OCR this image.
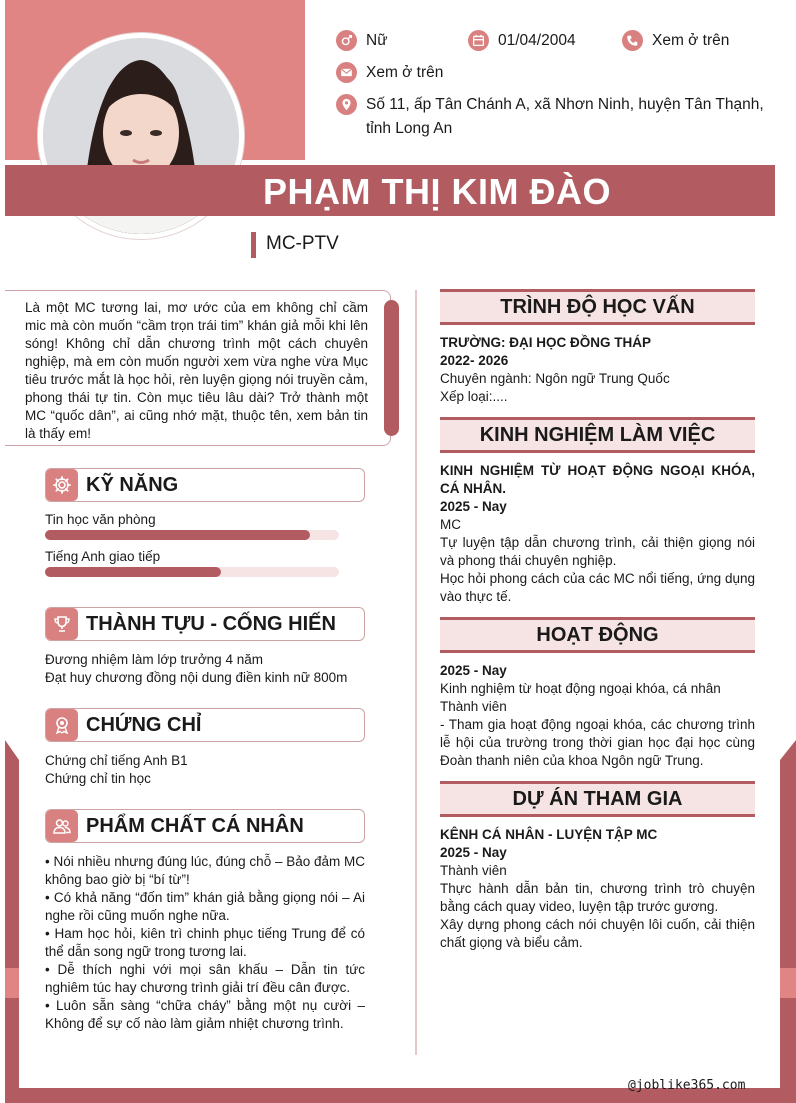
Nữ	01/04/2004	Xem ở trên
Xem ở trên
Số 11, ấp Tân Chánh A, xã Nhơn Ninh, huyện Tân Thạnh,
tỉnh Long An
PHẠM THỊ KIM ĐÀO
MC-PTV
Là một MC tương lai, mơ ước của em không chỉ cầm mic mà còn muốn “cầm trọn trái tim” khán giả mỗi khi lên sóng! Không chỉ dẫn chương trình một cách chuyên nghiệp, mà em còn muốn người xem vừa nghe vừa Mục tiêu trước mắt là học hỏi, rèn luyện giọng nói truyền cảm, phong thái tự tin. Còn mục tiêu lâu dài? Trở thành một MC “quốc dân”, ai cũng nhớ mặt, thuộc tên, xem bản tin là thấy em!
KỸ NĂNG
Tin học văn phòng
Tiếng Anh giao tiếp
THÀNH TỰU - CỐNG HIẾN
Đương nhiệm làm lớp trưởng 4 năm
Đạt huy chương đồng nội dung điền kinh nữ 800m
CHỨNG CHỈ
Chứng chỉ tiếng Anh B1
Chứng chỉ tin học
PHẨM CHẤT CÁ NHÂN
• Nói nhiều nhưng đúng lúc, đúng chỗ – Bảo đảm MC không bao giờ bị “bí từ”!
• Có khả năng “đốn tim” khán giả bằng giọng nói – Ai nghe rồi cũng muốn nghe nữa.
• Ham học hỏi, kiên trì chinh phục tiếng Trung để có thể dẫn song ngữ trong tương lai.
• Dễ thích nghi với mọi sân khấu – Dẫn tin tức nghiêm túc hay chương trình giải trí đều cân được.
• Luôn sẵn sàng “chữa cháy” bằng một nụ cười – Không để sự cố nào làm giảm nhiệt chương trình.
TRÌNH ĐỘ HỌC VẤN
TRƯỜNG: ĐẠI HỌC ĐỒNG THÁP
2022- 2026
Chuyên ngành: Ngôn ngữ Trung Quốc
Xếp loại:....
KINH NGHIỆM LÀM VIỆC
KINH NGHIỆM TỪ HOẠT ĐỘNG NGOẠI KHÓA, CÁ NHÂN.
2025 - Nay
MC
Tự luyện tập dẫn chương trình, cải thiện giọng nói và phong thái chuyên nghiệp.
Học hỏi phong cách của các MC nổi tiếng, ứng dụng vào thực tế.
HOẠT ĐỘNG
2025 - Nay
Kinh nghiệm từ hoạt động ngoại khóa, cá nhân
Thành viên
- Tham gia hoạt động ngoại khóa, các chương trình lễ hội của trường trong thời gian học đại học cùng Đoàn thanh niên của khoa Ngôn ngữ Trung.
DỰ ÁN THAM GIA
KÊNH CÁ NHÂN - LUYỆN TẬP MC
2025 - Nay
Thành viên
Thực hành dẫn bản tin, chương trình trò chuyện bằng cách quay video, luyện tập trước gương.
Xây dựng phong cách nói chuyện lôi cuốn, cải thiện chất giọng và biểu cảm.
@joblike365.com
